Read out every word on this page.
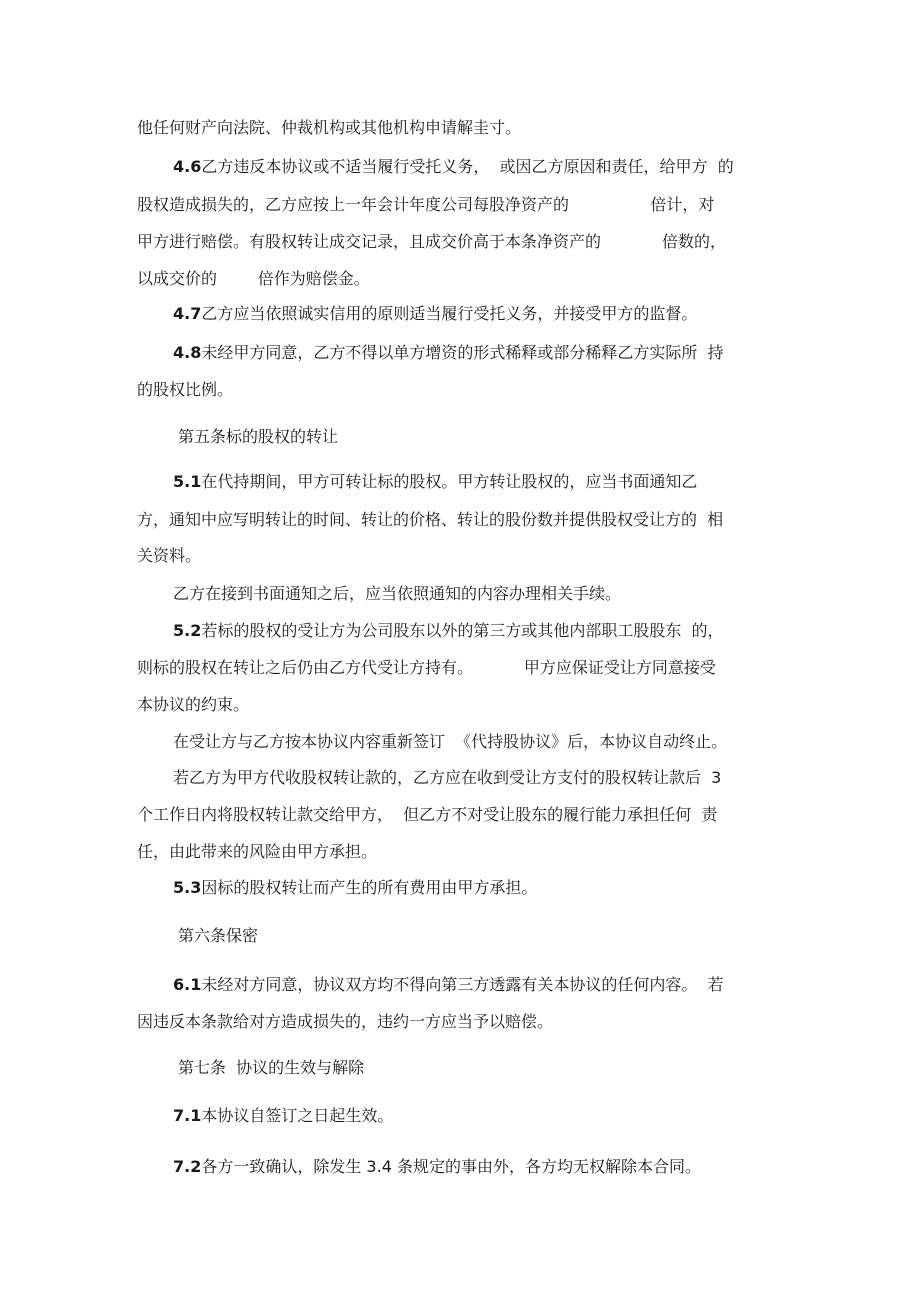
他任何财产向法院、仲裁机构或其他机构申请解圭寸。
4.6乙方违反本协议或不适当履行受托义务，  或因乙方原因和责任，给甲方  的
股权造成损失的，乙方应按上一年会计年度公司每股净资产的                倍计，对
甲方进行赔偿。有股权转让成交记录，且成交价高于本条净资产的            倍数的，
以成交价的        倍作为赔偿金。
4.7乙方应当依照诚实信用的原则适当履行受托义务，并接受甲方的监督。
4.8未经甲方同意，乙方不得以单方增资的形式稀释或部分稀释乙方实际所  持
的股权比例。
第五条标的股权的转让
5.1在代持期间，甲方可转让标的股权。甲方转让股权的，应当书面通知乙
方，通知中应写明转让的时间、转让的价格、转让的股份数并提供股权受让方的  相
关资料。
乙方在接到书面通知之后，应当依照通知的内容办理相关手续。
5.2若标的股权的受让方为公司股东以外的第三方或其他内部职工股股东  的，
则标的股权在转让之后仍由乙方代受让方持有。          甲方应保证受让方同意接受
本协议的约束。
在受让方与乙方按本协议内容重新签订  《代持股协议》后，本协议自动终止。
若乙方为甲方代收股权转让款的，乙方应在收到受让方支付的股权转让款后  3
个工作日内将股权转让款交给甲方，  但乙方不对受让股东的履行能力承担任何  责
任，由此带来的风险由甲方承担。
5.3因标的股权转让而产生的所有费用由甲方承担。
第六条保密
6.1未经对方同意，协议双方均不得向第三方透露有关本协议的任何内容。  若
因违反本条款给对方造成损失的，违约一方应当予以赔偿。
第七条  协议的生效与解除
7.1本协议自签订之日起生效。
7.2各方一致确认，除发生 3.4 条规定的事由外，各方均无权解除本合同。
